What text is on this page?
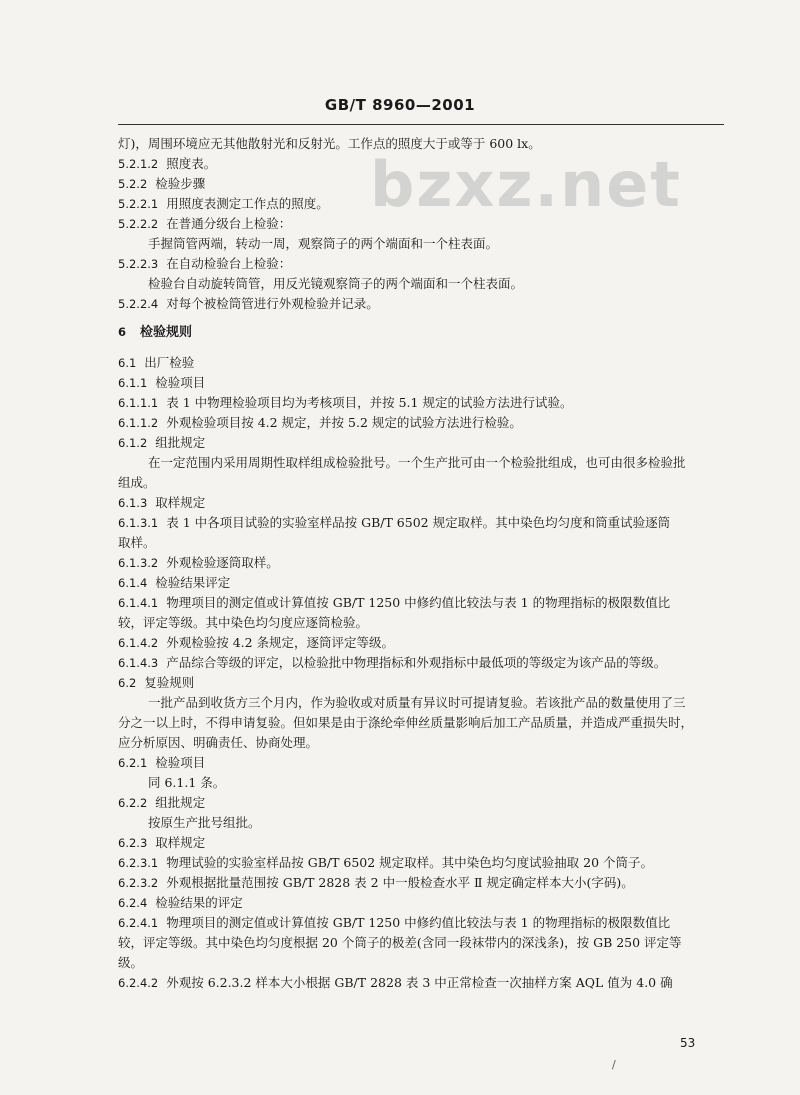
GB/T 8960—2001
bzxz.net
灯)，周围环境应无其他散射光和反射光。工作点的照度大于或等于 600 lx。
5.2.1.2 照度表。
5.2.2 检验步骤
5.2.2.1 用照度表测定工作点的照度。
5.2.2.2 在普通分级台上检验：
手握筒管两端，转动一周，观察筒子的两个端面和一个柱表面。
5.2.2.3 在自动检验台上检验：
检验台自动旋转筒管，用反光镜观察筒子的两个端面和一个柱表面。
5.2.2.4 对每个被检筒管进行外观检验并记录。
6 检验规则
6.1 出厂检验
6.1.1 检验项目
6.1.1.1 表 1 中物理检验项目均为考核项目，并按 5.1 规定的试验方法进行试验。
6.1.1.2 外观检验项目按 4.2 规定，并按 5.2 规定的试验方法进行检验。
6.1.2 组批规定
在一定范围内采用周期性取样组成检验批号。一个生产批可由一个检验批组成，也可由很多检验批
组成。
6.1.3 取样规定
6.1.3.1 表 1 中各项目试验的实验室样品按 GB/T 6502 规定取样。其中染色均匀度和筒重试验逐筒
取样。
6.1.3.2 外观检验逐筒取样。
6.1.4 检验结果评定
6.1.4.1 物理项目的测定值或计算值按 GB/T 1250 中修约值比较法与表 1 的物理指标的极限数值比
较，评定等级。其中染色均匀度应逐筒检验。
6.1.4.2 外观检验按 4.2 条规定，逐筒评定等级。
6.1.4.3 产品综合等级的评定，以检验批中物理指标和外观指标中最低项的等级定为该产品的等级。
6.2 复验规则
一批产品到收货方三个月内，作为验收或对质量有异议时可提请复验。若该批产品的数量使用了三
分之一以上时，不得申请复验。但如果是由于涤纶牵伸丝质量影响后加工产品质量，并造成严重损失时，
应分析原因、明确责任、协商处理。
6.2.1 检验项目
同 6.1.1 条。
6.2.2 组批规定
按原生产批号组批。
6.2.3 取样规定
6.2.3.1 物理试验的实验室样品按 GB/T 6502 规定取样。其中染色均匀度试验抽取 20 个筒子。
6.2.3.2 外观根据批量范围按 GB/T 2828 表 2 中一般检查水平 Ⅱ 规定确定样本大小(字码)。
6.2.4 检验结果的评定
6.2.4.1 物理项目的测定值或计算值按 GB/T 1250 中修约值比较法与表 1 的物理指标的极限数值比
较，评定等级。其中染色均匀度根据 20 个筒子的极差(含同一段袜带内的深浅条)，按 GB 250 评定等
级。
6.2.4.2 外观按 6.2.3.2 样本大小根据 GB/T 2828 表 3 中正常检查一次抽样方案 AQL 值为 4.0 确
53
/
